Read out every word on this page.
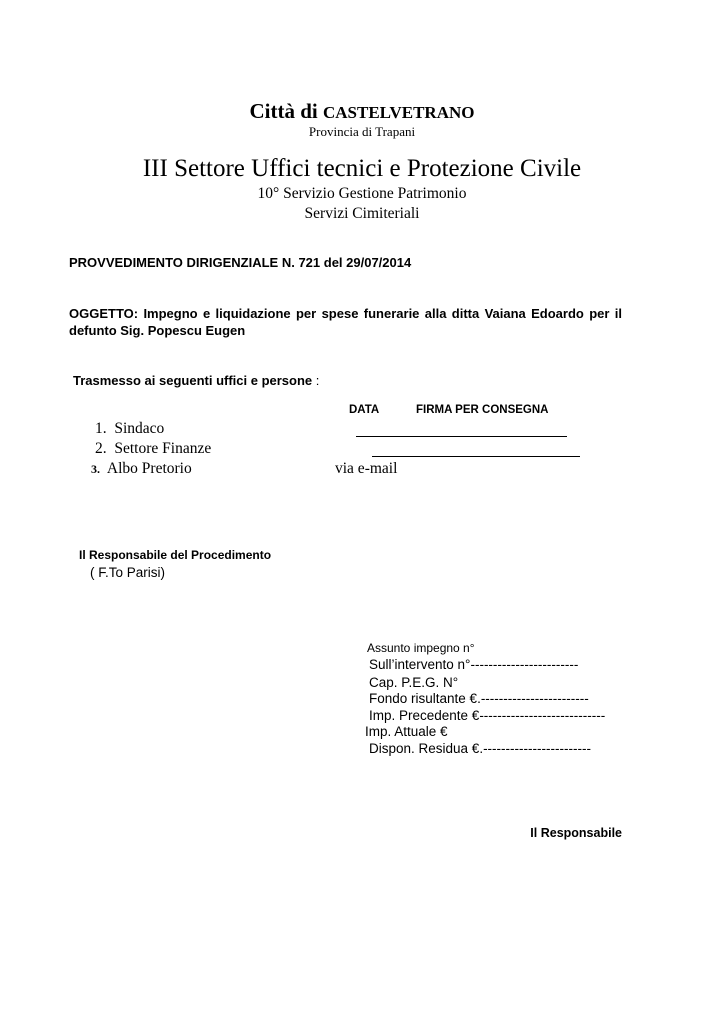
Città di CASTELVETRANO
Provincia di Trapani
III Settore Uffici tecnici e Protezione Civile
10° Servizio Gestione Patrimonio
Servizi Cimiteriali
PROVVEDIMENTO DIRIGENZIALE N. 721 del 29/07/2014
OGGETTO: Impegno e liquidazione per spese funerarie alla ditta Vaiana Edoardo per il defunto Sig. Popescu Eugen
Trasmesso ai seguenti uffici e persone :
DATA	FIRMA PER CONSEGNA
1. Sindaco
2. Settore Finanze
3. Albo Pretorio	via e-mail
Il Responsabile del Procedimento
( F.To Parisi)
Assunto impegno n°
Sull’intervento n°------------------------
Cap. P.E.G. N°
Fondo risultante €.------------------------
Imp. Precedente €----------------------------
Imp. Attuale €
Dispon. Residua €.------------------------
Il Responsabile
